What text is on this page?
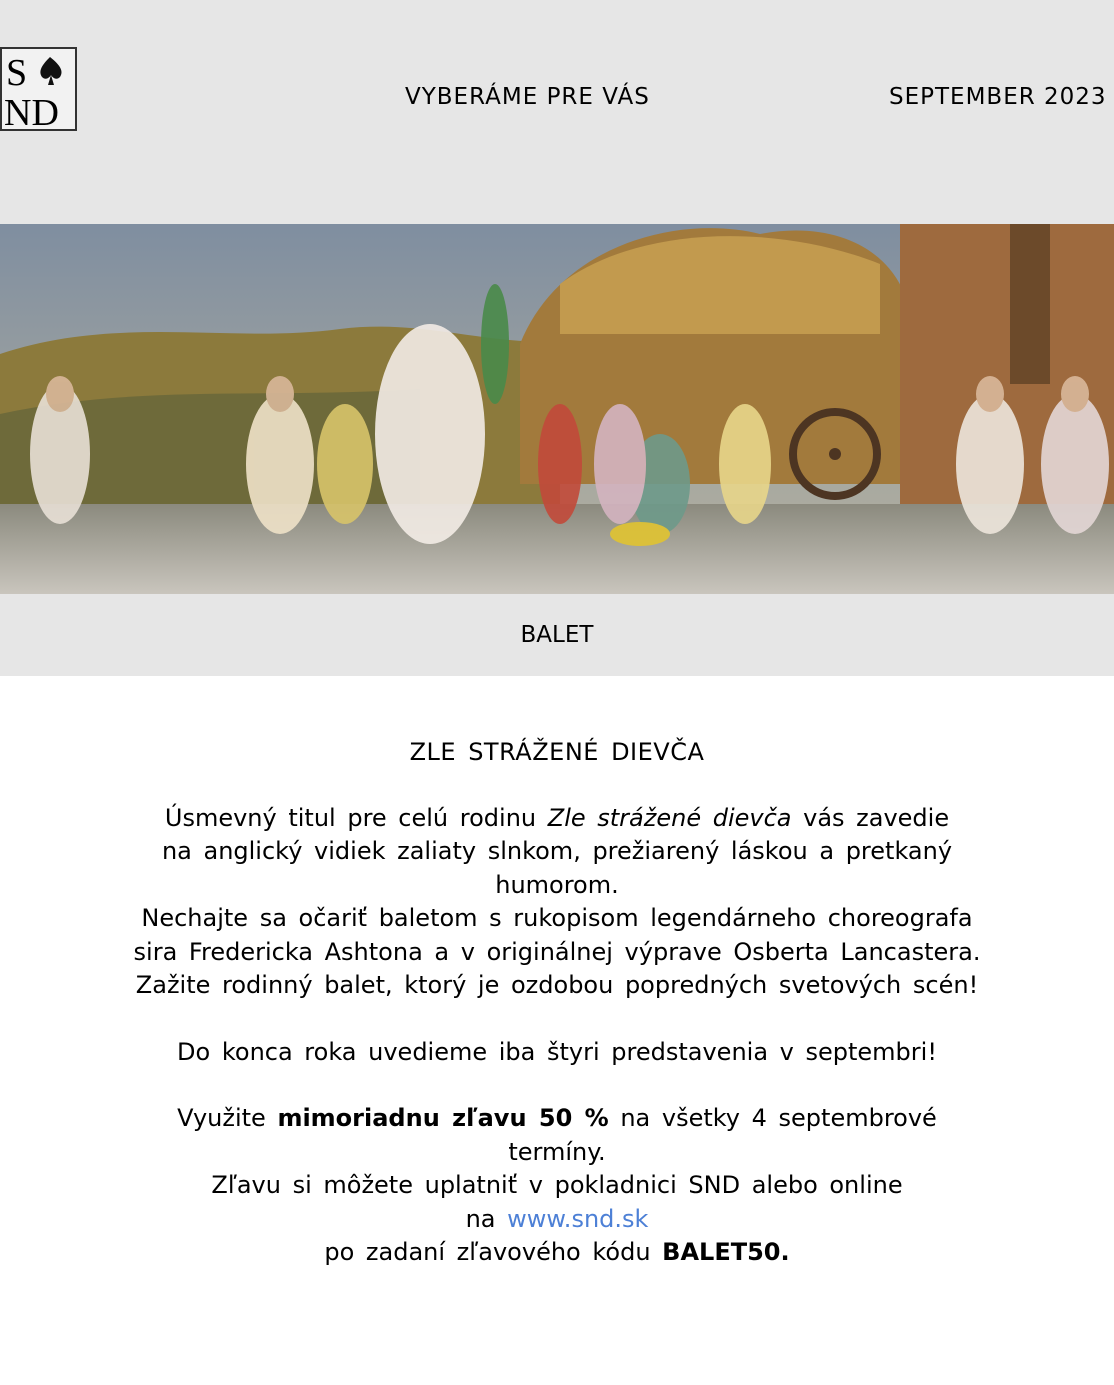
S
ND	VYBERÁME PRE VÁS	SEPTEMBER 2023
BALET

ZLE STRÁŽENÉ DIEVČA

Úsmevný titul pre celú rodinu Zle strážené dievča vás zavedie
na anglický vidiek zaliaty slnkom, prežiarený láskou a pretkaný
humorom.
Nechajte sa očariť baletom s rukopisom legendárneho choreografa
sira Fredericka Ashtona a v originálnej výprave Osberta Lancastera.
Zažite rodinný balet, ktorý je ozdobou popredných svetových scén!

Do konca roka uvedieme iba štyri predstavenia v septembri!

Využite mimoriadnu zľavu 50 % na všetky 4 septembrové
termíny.
Zľavu si môžete uplatniť v pokladnici SND alebo online
na www.snd.sk
po zadaní zľavového kódu BALET50.
